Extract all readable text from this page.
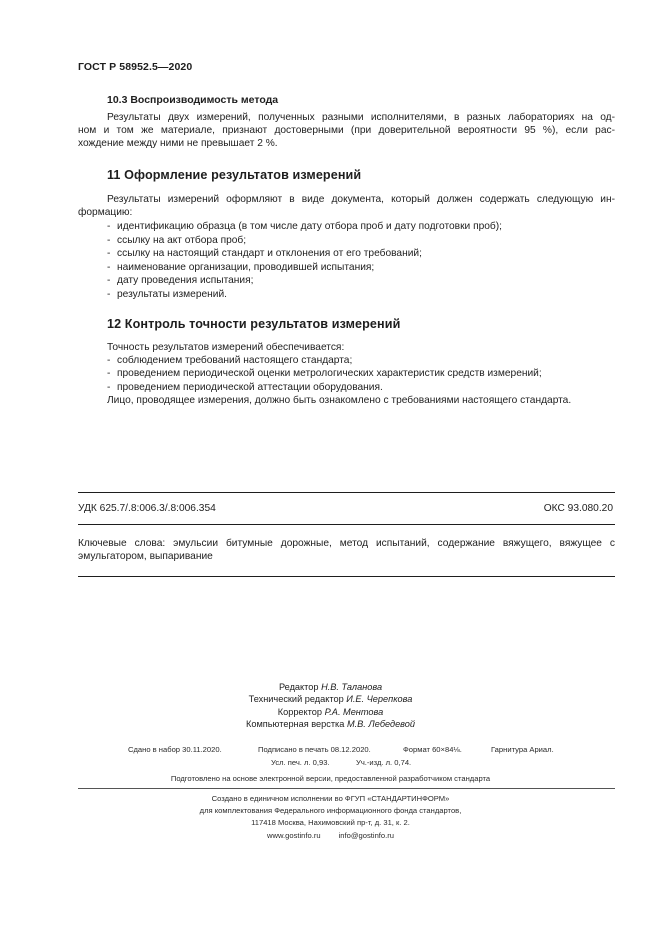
ГОСТ Р 58952.5—2020
10.3 Воспроизводимость метода
Результаты двух измерений, полученных разными исполнителями, в разных лабораториях на од-
ном и том же материале, признают достоверными (при доверительной вероятности 95 %), если рас-
хождение между ними не превышает 2 %.
11 Оформление результатов измерений
Результаты измерений оформляют в виде документа, который должен содержать следующую ин-
формацию:
- идентификацию образца (в том числе дату отбора проб и дату подготовки проб);
- ссылку на акт отбора проб;
- ссылку на настоящий стандарт и отклонения от его требований;
- наименование организации, проводившей испытания;
- дату проведения испытания;
- результаты измерений.
12 Контроль точности результатов измерений
Точность результатов измерений обеспечивается:
- соблюдением требований настоящего стандарта;
- проведением периодической оценки метрологических характеристик средств измерений;
- проведением периодической аттестации оборудования.
Лицо, проводящее измерения, должно быть ознакомлено с требованиями настоящего стандарта.
УДК 625.7/.8:006.3/.8:006.354	ОКС 93.080.20
Ключевые слова: эмульсии битумные дорожные, метод испытаний, содержание вяжущего, вяжущее с
эмульгатором, выпаривание
Редактор Н.В. Таланова
Технический редактор И.Е. Черепкова
Корректор Р.А. Ментова
Компьютерная верстка М.В. Лебедевой
Сдано в набор 30.11.2020.	Подписано в печать 08.12.2020.	Формат 60×84⅛.	Гарнитура Ариал.
Усл. печ. л. 0,93.	Уч.-изд. л. 0,74.
Подготовлено на основе электронной версии, предоставленной разработчиком стандарта
Создано в единичном исполнении во ФГУП «СТАНДАРТИНФОРМ»
для комплектования Федерального информационного фонда стандартов,
117418 Москва, Нахимовский пр-т, д. 31, к. 2.
www.gostinfo.ru info@gostinfo.ru
